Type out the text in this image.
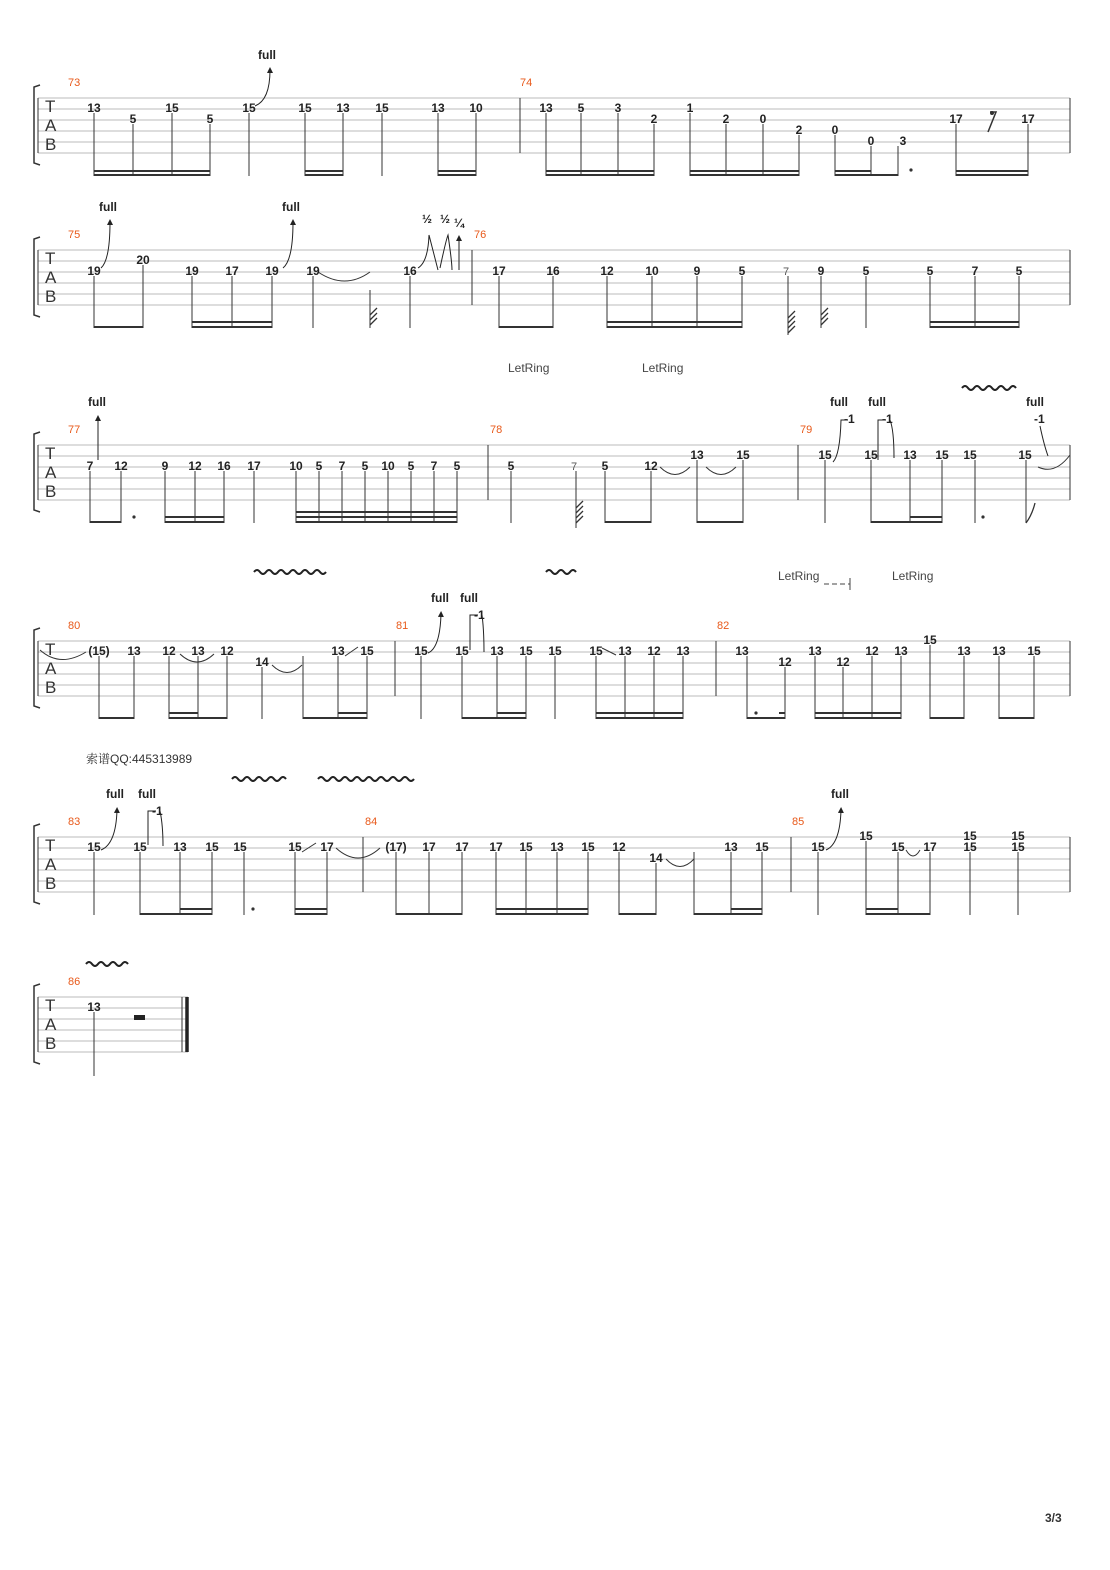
T
A
B
73	74
full
13
5
15
5
15	15 13 15	13 10	13 5	3
2
1
2	0
2 0
0 3
17	17
T
A
B
75	76
full	full
½ ½ ¼
19
20
19 17 19 19	16	17	16	12	10	9	5	7 9	5	5	7	5
LetRing	LetRing
T
A
B
77	78	79
full	full
-1
full
-1
full
-1
7 12	9 12 16 17 10 5 7 5 10 5 7 5	5	7 5	12
13	15	15	15 13 15 15	15
LetRing	LetRing
T
A
B
80	81	82
full full
-1
(15) 13 12 13 12
14
13 15	15 15 13 15 15 15 13 12 13	13
12
13
12
12 13
15
13 13 15
索谱QQ:445313989
T
A
B
83	84	85
full full
-1
full
15	15 13 15 15	15 17	(17) 17 17 17 15 13 15 12
14
13 15	15
15
15 17
15
15
15
15
T
A
B
86
13
3/3
